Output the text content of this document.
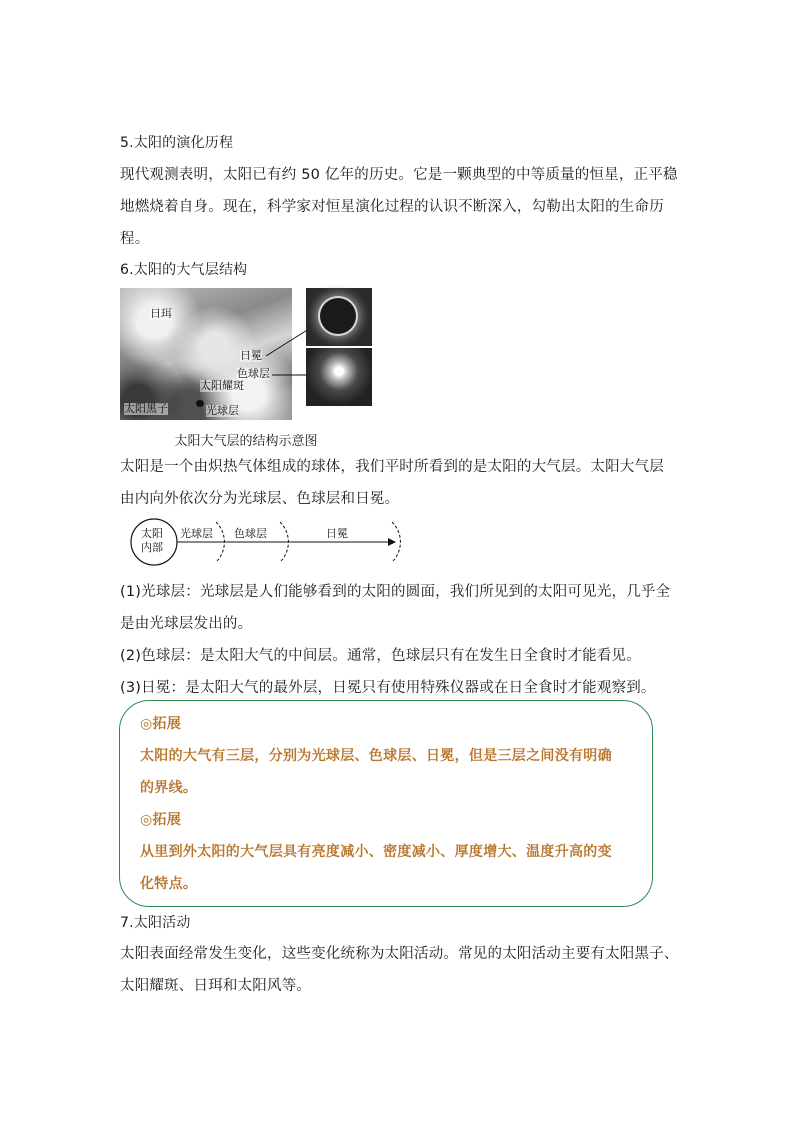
5.太阳的演化历程
现代观测表明，太阳已有约 50 亿年的历史。它是一颗典型的中等质量的恒星，正平稳
地燃烧着自身。现在，科学家对恒星演化过程的认识不断深入，勾勒出太阳的生命历
程。
6.太阳的大气层结构
日珥
日冕
色球层
太阳耀斑
太阳黑子	光球层
太阳大气层的结构示意图
太阳是一个由炽热气体组成的球体，我们平时所看到的是太阳的大气层。太阳大气层
由内向外依次分为光球层、色球层和日冕。
太阳
内部
光球层 色球层	日冕
(1)光球层：光球层是人们能够看到的太阳的圆面，我们所见到的太阳可见光，几乎全
是由光球层发出的。
(2)色球层：是太阳大气的中间层。通常，色球层只有在发生日全食时才能看见。
(3)日冕：是太阳大气的最外层，日冕只有使用特殊仪器或在日全食时才能观察到。
◎拓展
太阳的大气有三层，分别为光球层、色球层、日冕，但是三层之间没有明确
的界线。
◎拓展
从里到外太阳的大气层具有亮度减小、密度减小、厚度增大、温度升高的变
化特点。
7.太阳活动
太阳表面经常发生变化，这些变化统称为太阳活动。常见的太阳活动主要有太阳黑子、
太阳耀斑、日珥和太阳风等。
